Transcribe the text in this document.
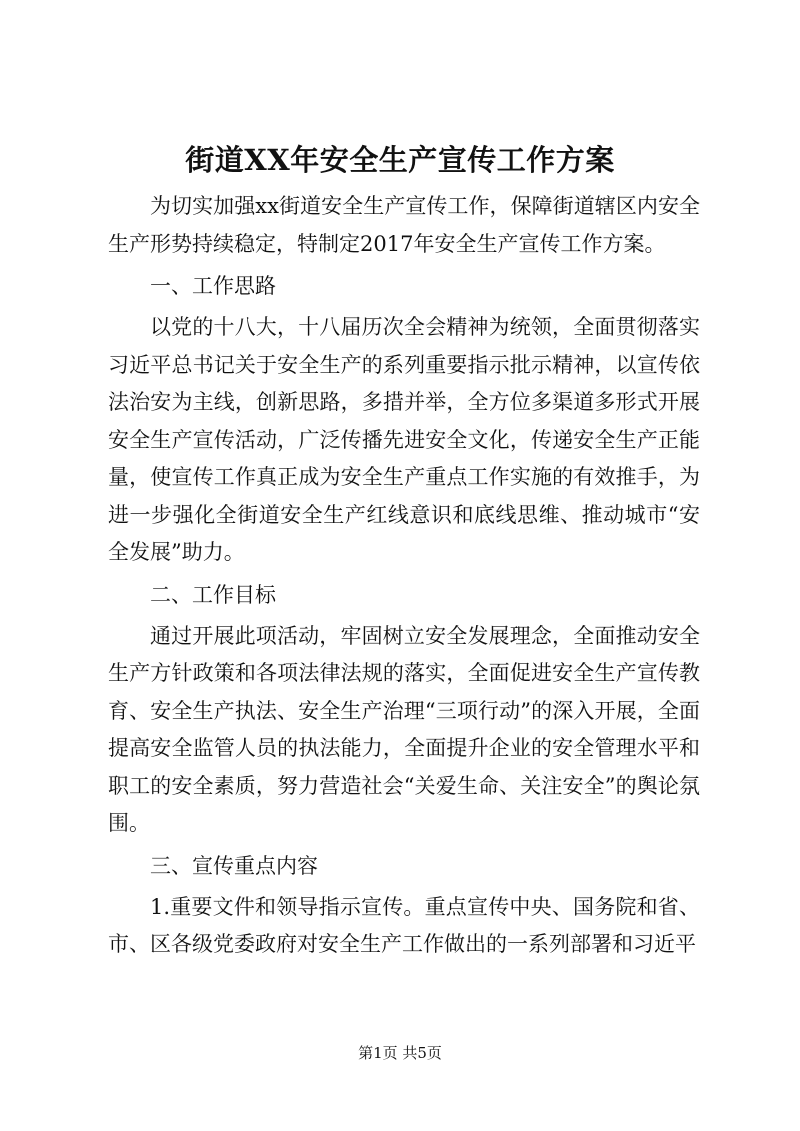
街道XX年安全生产宣传工作方案

为切实加强xx街道安全生产宣传工作，保障街道辖区内安全生产形势持续稳定，特制定2017年安全生产宣传工作方案。

一、工作思路

以党的十八大，十八届历次全会精神为统领，全面贯彻落实习近平总书记关于安全生产的系列重要指示批示精神，以宣传依法治安为主线，创新思路，多措并举，全方位多渠道多形式开展安全生产宣传活动，广泛传播先进安全文化，传递安全生产正能量，使宣传工作真正成为安全生产重点工作实施的有效推手，为进一步强化全街道安全生产红线意识和底线思维、推动城市“安全发展”助力。

二、工作目标

通过开展此项活动，牢固树立安全发展理念，全面推动安全生产方针政策和各项法律法规的落实，全面促进安全生产宣传教育、安全生产执法、安全生产治理“三项行动”的深入开展，全面提高安全监管人员的执法能力，全面提升企业的安全管理水平和职工的安全素质，努力营造社会“关爱生命、关注安全”的舆论氛围。

三、宣传重点内容

1.重要文件和领导指示宣传。重点宣传中央、国务院和省、市、区各级党委政府对安全生产工作做出的一系列部署和习近平

第1页 共5页
